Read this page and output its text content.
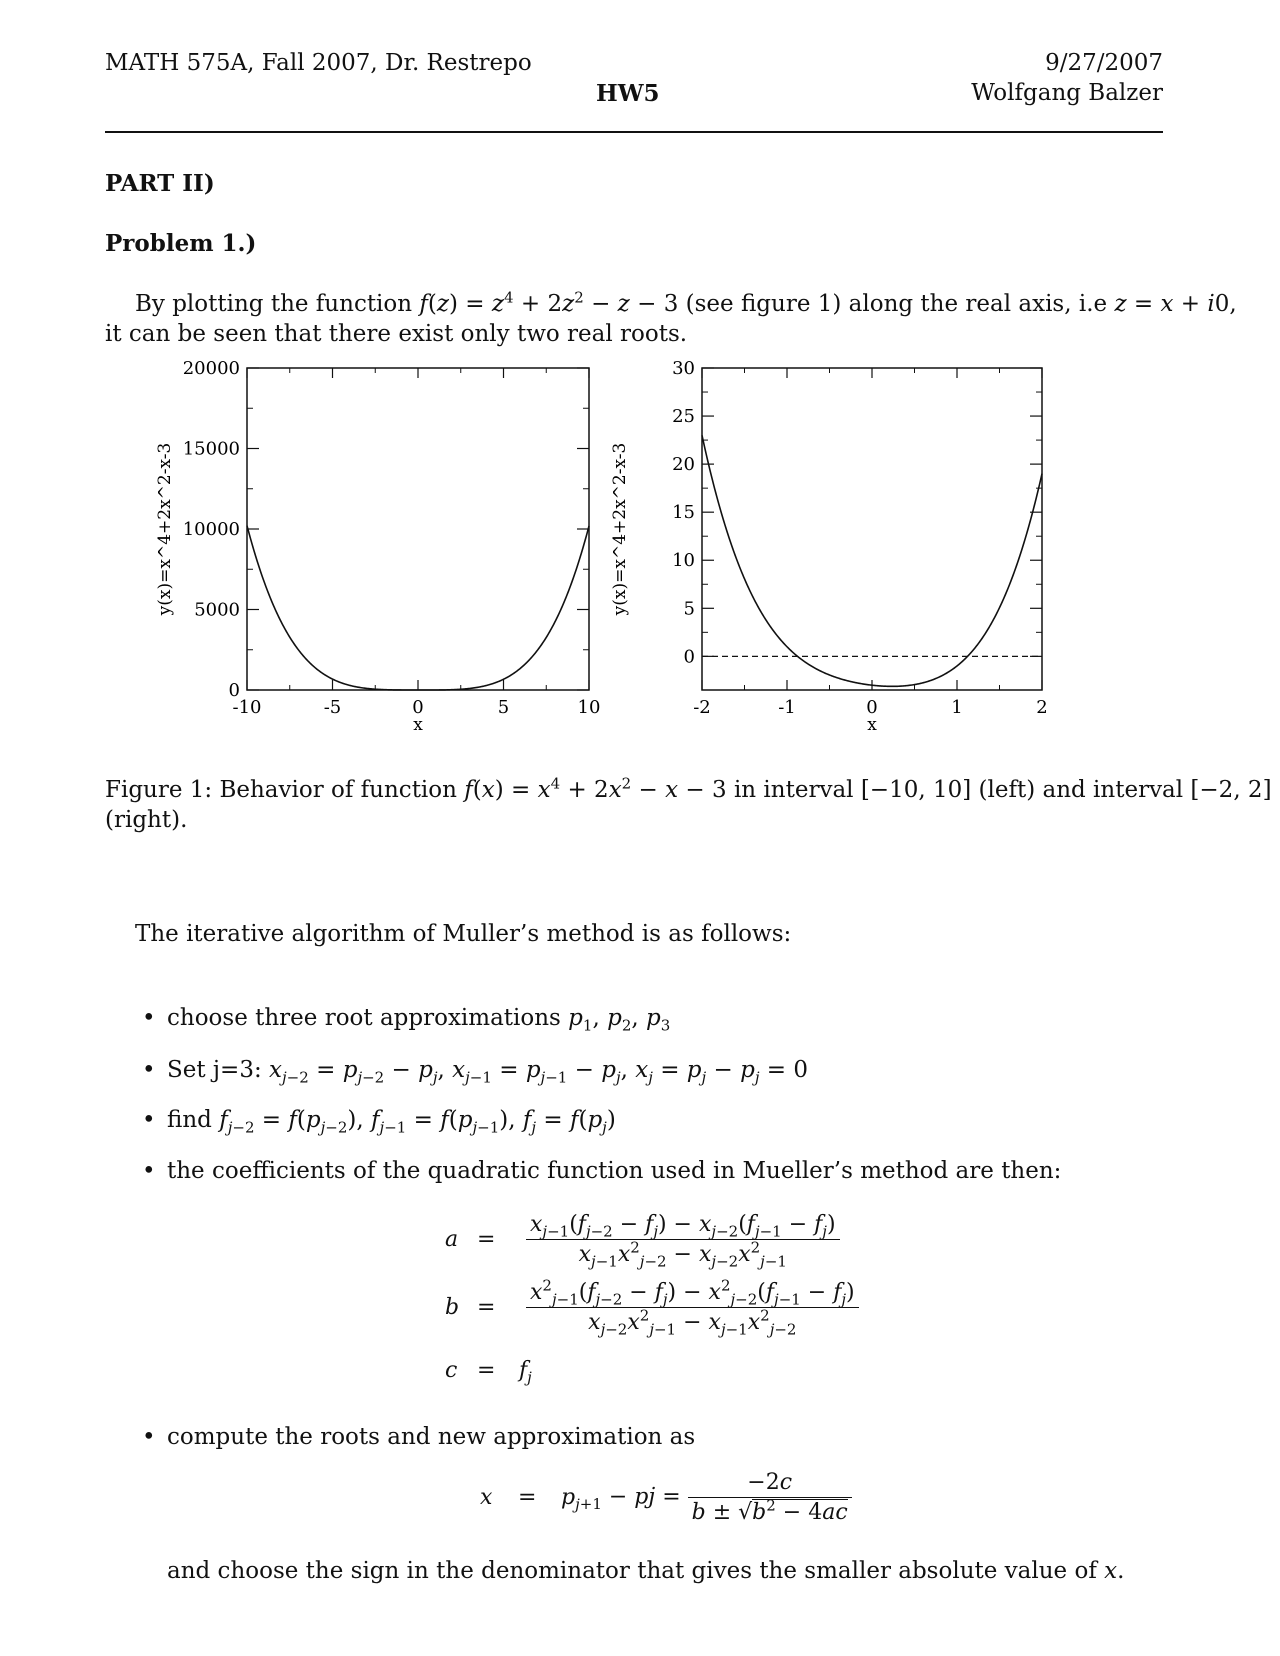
MATH 575A, Fall 2007, Dr. Restrepo
HW5
9/27/2007
Wolfgang Balzer
PART II)
Problem 1.)
By plotting the function $f(z) = z^4 + 2z^2 - z - 3$ (see figure 1) along the real axis, i.e z = x + i0,
it can be seen that there exist only two real roots.
-10	-5	0	5	10
0
5000
10000
15000
20000
x
y(x)=x^4+2x^2-x-3
-2	-1	0	1	2
0
5
10
15
20
25
30
x
y(x)=x^4+2x^2-x-3
Figure 1: Behavior of function $f(x) = x^4 + 2x^2 - x - 3$ in interval [−10, 10] (left) and interval [−2, 2]
(right).
The iterative algorithm of Muller’s method is as follows:
• choose three root approximations $p_1$, $p_2$, $p_3$
• Set j=3: $x_{j-2} = p_{j-2} - p_j$, $x_{j-1} = p_{j-1} - p_j$, $x_j = p_j - p_j = 0$
• find $f_{j-2} = f(p_{j-2})$, $f_{j-1} = f(p_{j-1})$, $f_j = f(p_j)$
• the coefficients of the quadratic function used in Mueller’s method are then:
$a = \frac{x_{j-1}(f_{j-2} - f_j) - x_{j-2}(f_{j-1} - f_j)}{x_{j-1}x^2_{j-2} - x_{j-2}x^2_{j-1}}$
$b = \frac{x^2_{j-1}(f_{j-2} - f_j) - x^2_{j-2}(f_{j-1} - f_j)}{x_{j-2}x^2_{j-1} - x_{j-1}x^2_{j-2}}$
$c = f_j$
• compute the roots and new approximation as
$x = p_{j+1}$ − pj = $\frac{-2c}{b \pm √b^2 - 4ac}$
and choose the sign in the denominator that gives the smaller absolute value of x.
